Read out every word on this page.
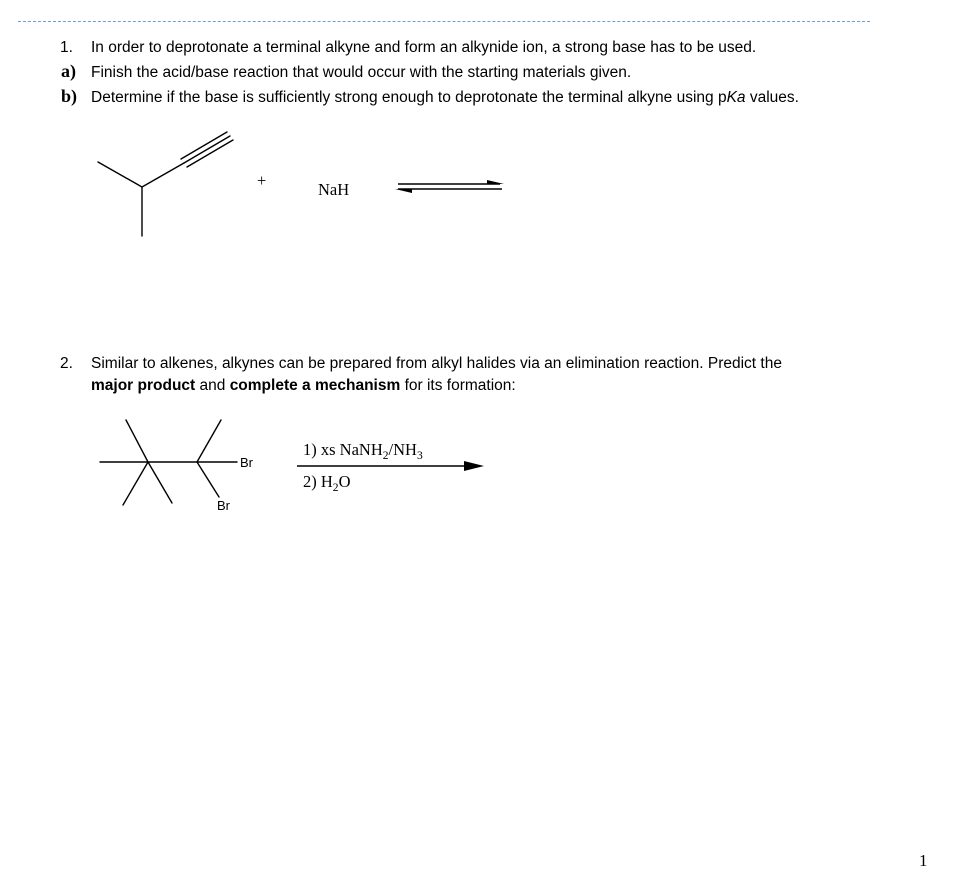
1. In order to deprotonate a terminal alkyne and form an alkynide ion, a strong base has to be used.
a) Finish the acid/base reaction that would occur with the starting materials given.
b) Determine if the base is sufficiently strong enough to deprotonate the terminal alkyne using pKa values.
+	NaH
2. Similar to alkenes, alkynes can be prepared from alkyl halides via an elimination reaction. Predict the
major product and complete a mechanism for its formation:
Br
Br
1) xs $NaNH_2/NH_3$
2) $H_2O$
1
